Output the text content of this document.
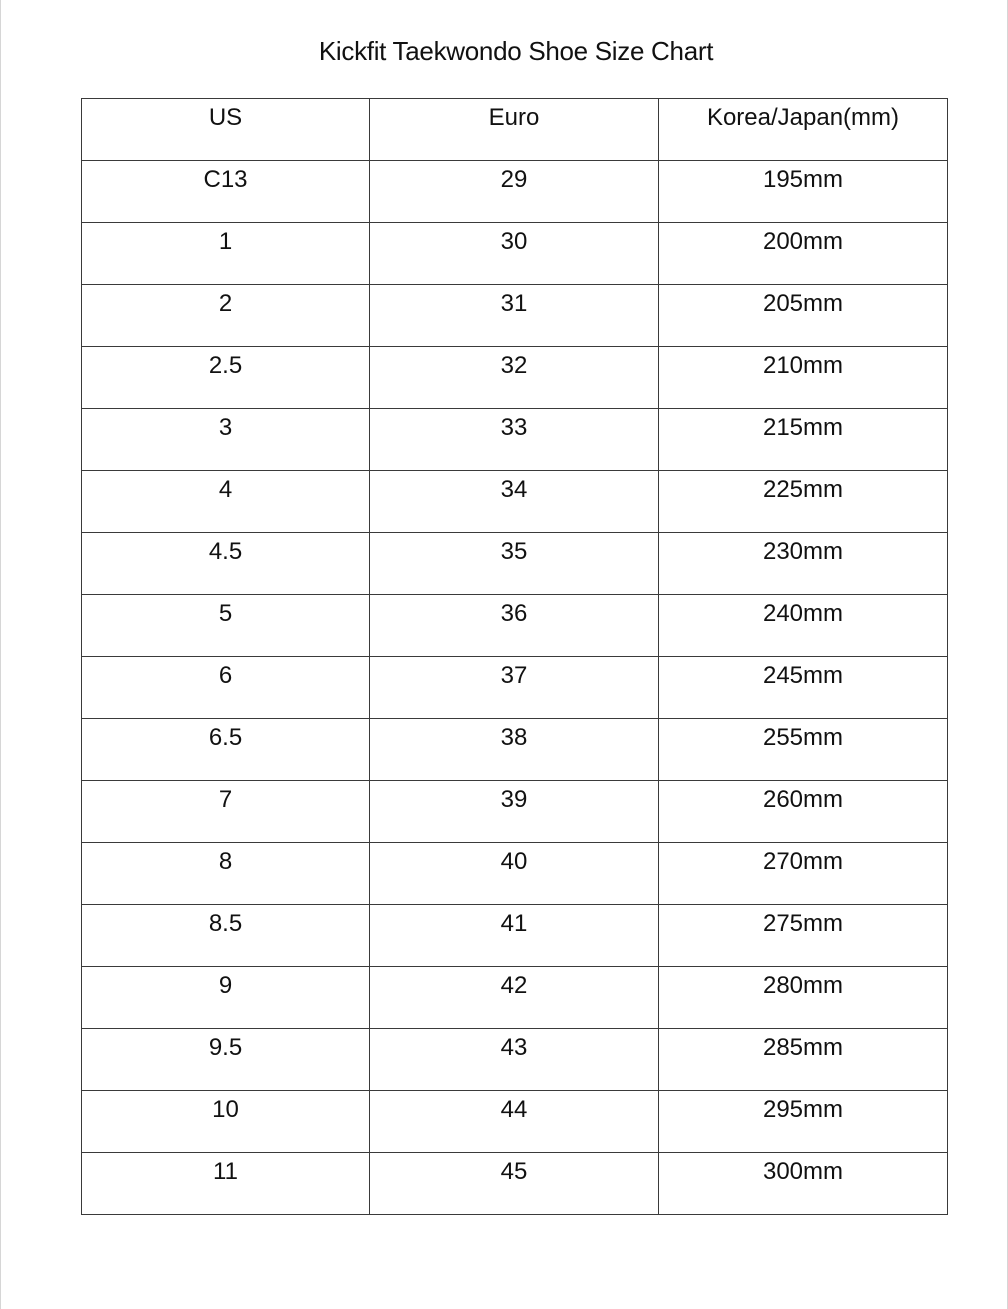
Kickfit Taekwondo Shoe Size Chart
US	Euro	Korea/Japan(mm)

C13	29	195mm

1	30	200mm

2	31	205mm

2.5	32	210mm

3	33	215mm

4	34	225mm

4.5	35	230mm

5	36	240mm

6	37	245mm

6.5	38	255mm

7	39	260mm

8	40	270mm

8.5	41	275mm

9	42	280mm

9.5	43	285mm

10	44	295mm

11	45	300mm
